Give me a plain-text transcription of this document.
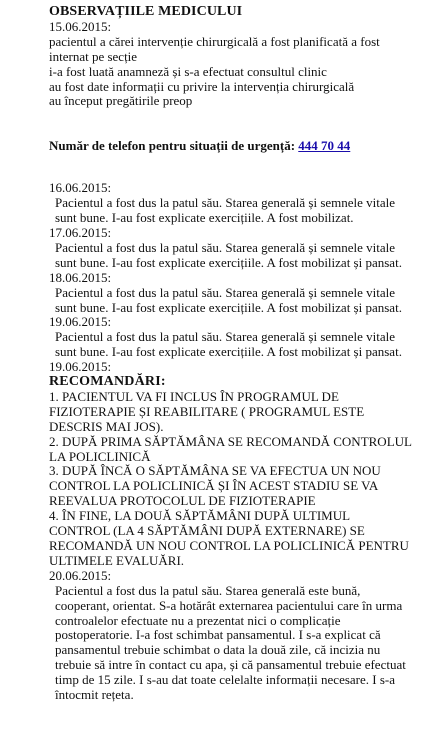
OBSERVAȚIILE MEDICULUI
15.06.2015:
pacientul a cărei intervenție chirurgicală a fost planificată a fost internat pe secție
i-a fost luată anamneză și s-a efectuat consultul clinic
au fost date informații cu privire la intervenția chirurgicală
au început pregătirile preop
Număr de telefon pentru situații de urgență: 444 70 44
16.06.2015:
Pacientul a fost dus la patul său. Starea generală și semnele vitale sunt bune. I-au fost explicate exercițiile. A fost mobilizat.
17.06.2015:
Pacientul a fost dus la patul său. Starea generală și semnele vitale sunt bune. I-au fost explicate exercițiile. A fost mobilizat și pansat.
18.06.2015:
Pacientul a fost dus la patul său. Starea generală și semnele vitale sunt bune. I-au fost explicate exercițiile. A fost mobilizat și pansat.
19.06.2015:
Pacientul a fost dus la patul său. Starea generală și semnele vitale sunt bune. I-au fost explicate exercițiile. A fost mobilizat și pansat.
19.06.2015:
RECOMANDĂRI:
1. PACIENTUL VA FI INCLUS ÎN PROGRAMUL DE FIZIOTERAPIE ȘI REABILITARE ( PROGRAMUL ESTE DESCRIS MAI JOS).
2. DUPĂ PRIMA SĂPTĂMÂNA SE RECOMANDĂ CONTROLUL LA POLICLINICĂ
3. DUPĂ ÎNCĂ O SĂPTĂMÂNA SE VA EFECTUA UN NOU CONTROL LA POLICLINICĂ ȘI ÎN ACEST STADIU SE VA REEVALUA PROTOCOLUL DE FIZIOTERAPIE
4. ÎN FINE, LA DOUĂ SĂPTĂMÂNI DUPĂ ULTIMUL CONTROL (LA 4 SĂPTĂMÂNI DUPĂ EXTERNARE) SE RECOMANDĂ UN NOU CONTROL LA POLICLINICĂ PENTRU ULTIMELE EVALUĂRI.
20.06.2015:
Pacientul a fost dus la patul său. Starea generală este bună, cooperant, orientat. S-a hotărât externarea pacientului care în urma controalelor efectuate nu a prezentat nici o complicație postoperatorie. I-a fost schimbat pansamentul. I s-a explicat că pansamentul trebuie schimbat o data la două zile, că incizia nu trebuie să intre în contact cu apa, și că pansamentul trebuie efectuat timp de 15 zile. I s-au dat toate celelalte informații necesare. I s-a întocmit rețeta.
